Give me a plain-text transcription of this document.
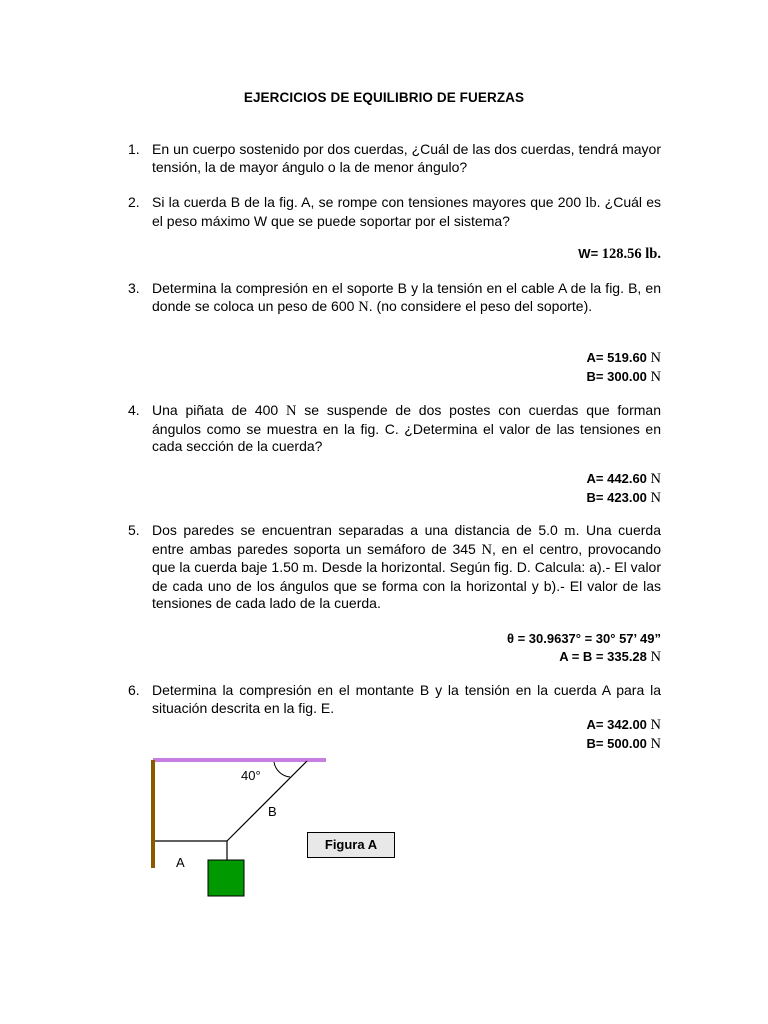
EJERCICIOS DE EQUILIBRIO DE FUERZAS
1. En un cuerpo sostenido por dos cuerdas, ¿Cuál de las dos cuerdas, tendrá mayor tensión, la de mayor ángulo o la de menor ángulo?
2. Si la cuerda B de la fig. A, se rompe con tensiones mayores que 200 lb. ¿Cuál es el peso máximo W que se puede soportar por el sistema?
W= 128.56 lb.
3. Determina la compresión en el soporte B y la tensión en el cable A de la fig. B, en donde se coloca un peso de 600 N. (no considere el peso del soporte).
A= 519.60 N
B= 300.00 N
4. Una piñata de 400 N se suspende de dos postes con cuerdas que forman ángulos como se muestra en la fig. C. ¿Determina el valor de las tensiones en cada sección de la cuerda?
A= 442.60 N
B= 423.00 N
5. Dos paredes se encuentran separadas a una distancia de 5.0 m. Una cuerda entre ambas paredes soporta un semáforo de 345 N, en el centro, provocando que la cuerda baje 1.50 m. Desde la horizontal. Según fig. D. Calcula: a).- El valor de cada uno de los ángulos que se forma con la horizontal y b).- El valor de las tensiones de cada lado de la cuerda.
θ = 30.9637° = 30° 57’ 49”
A = B = 335.28 N
6. Determina la compresión en el montante B y la tensión en la cuerda A para la situación descrita en la fig. E.
A= 342.00 N
B= 500.00 N
40°
B
A
Figura A
